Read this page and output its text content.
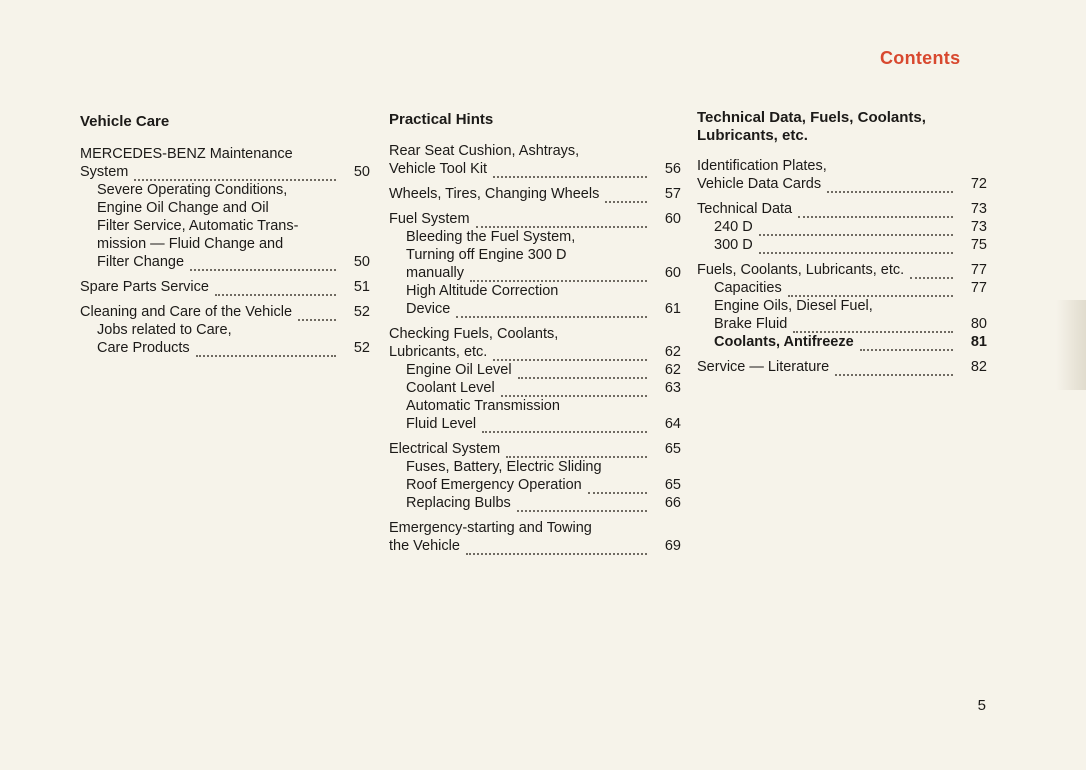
Contents
Vehicle Care
MERCEDES-BENZ Maintenance
System	50
Severe Operating Conditions,
Engine Oil Change and Oil
Filter Service, Automatic Trans-
mission — Fluid Change and
Filter Change	50
Spare Parts Service	51
Cleaning and Care of the Vehicle	52
Jobs related to Care,
Care Products	52
Practical Hints
Rear Seat Cushion, Ashtrays,
Vehicle Tool Kit	56
Wheels, Tires, Changing Wheels	57
Fuel System	60
Bleeding the Fuel System,
Turning off Engine 300 D
manually	60
High Altitude Correction
Device	61
Checking Fuels, Coolants,
Lubricants, etc.	62
Engine Oil Level	62
Coolant Level	63
Automatic Transmission
Fluid Level	64
Electrical System	65
Fuses, Battery, Electric Sliding
Roof Emergency Operation	65
Replacing Bulbs	66
Emergency-starting and Towing
the Vehicle	69
Technical Data, Fuels, Coolants, Lubricants, etc.
Identification Plates,
Vehicle Data Cards	72
Technical Data	73
240 D	73
300 D	75
Fuels, Coolants, Lubricants, etc.	77
Capacities	77
Engine Oils, Diesel Fuel,
Brake Fluid	80
Coolants, Antifreeze	81
Service — Literature	82
5
